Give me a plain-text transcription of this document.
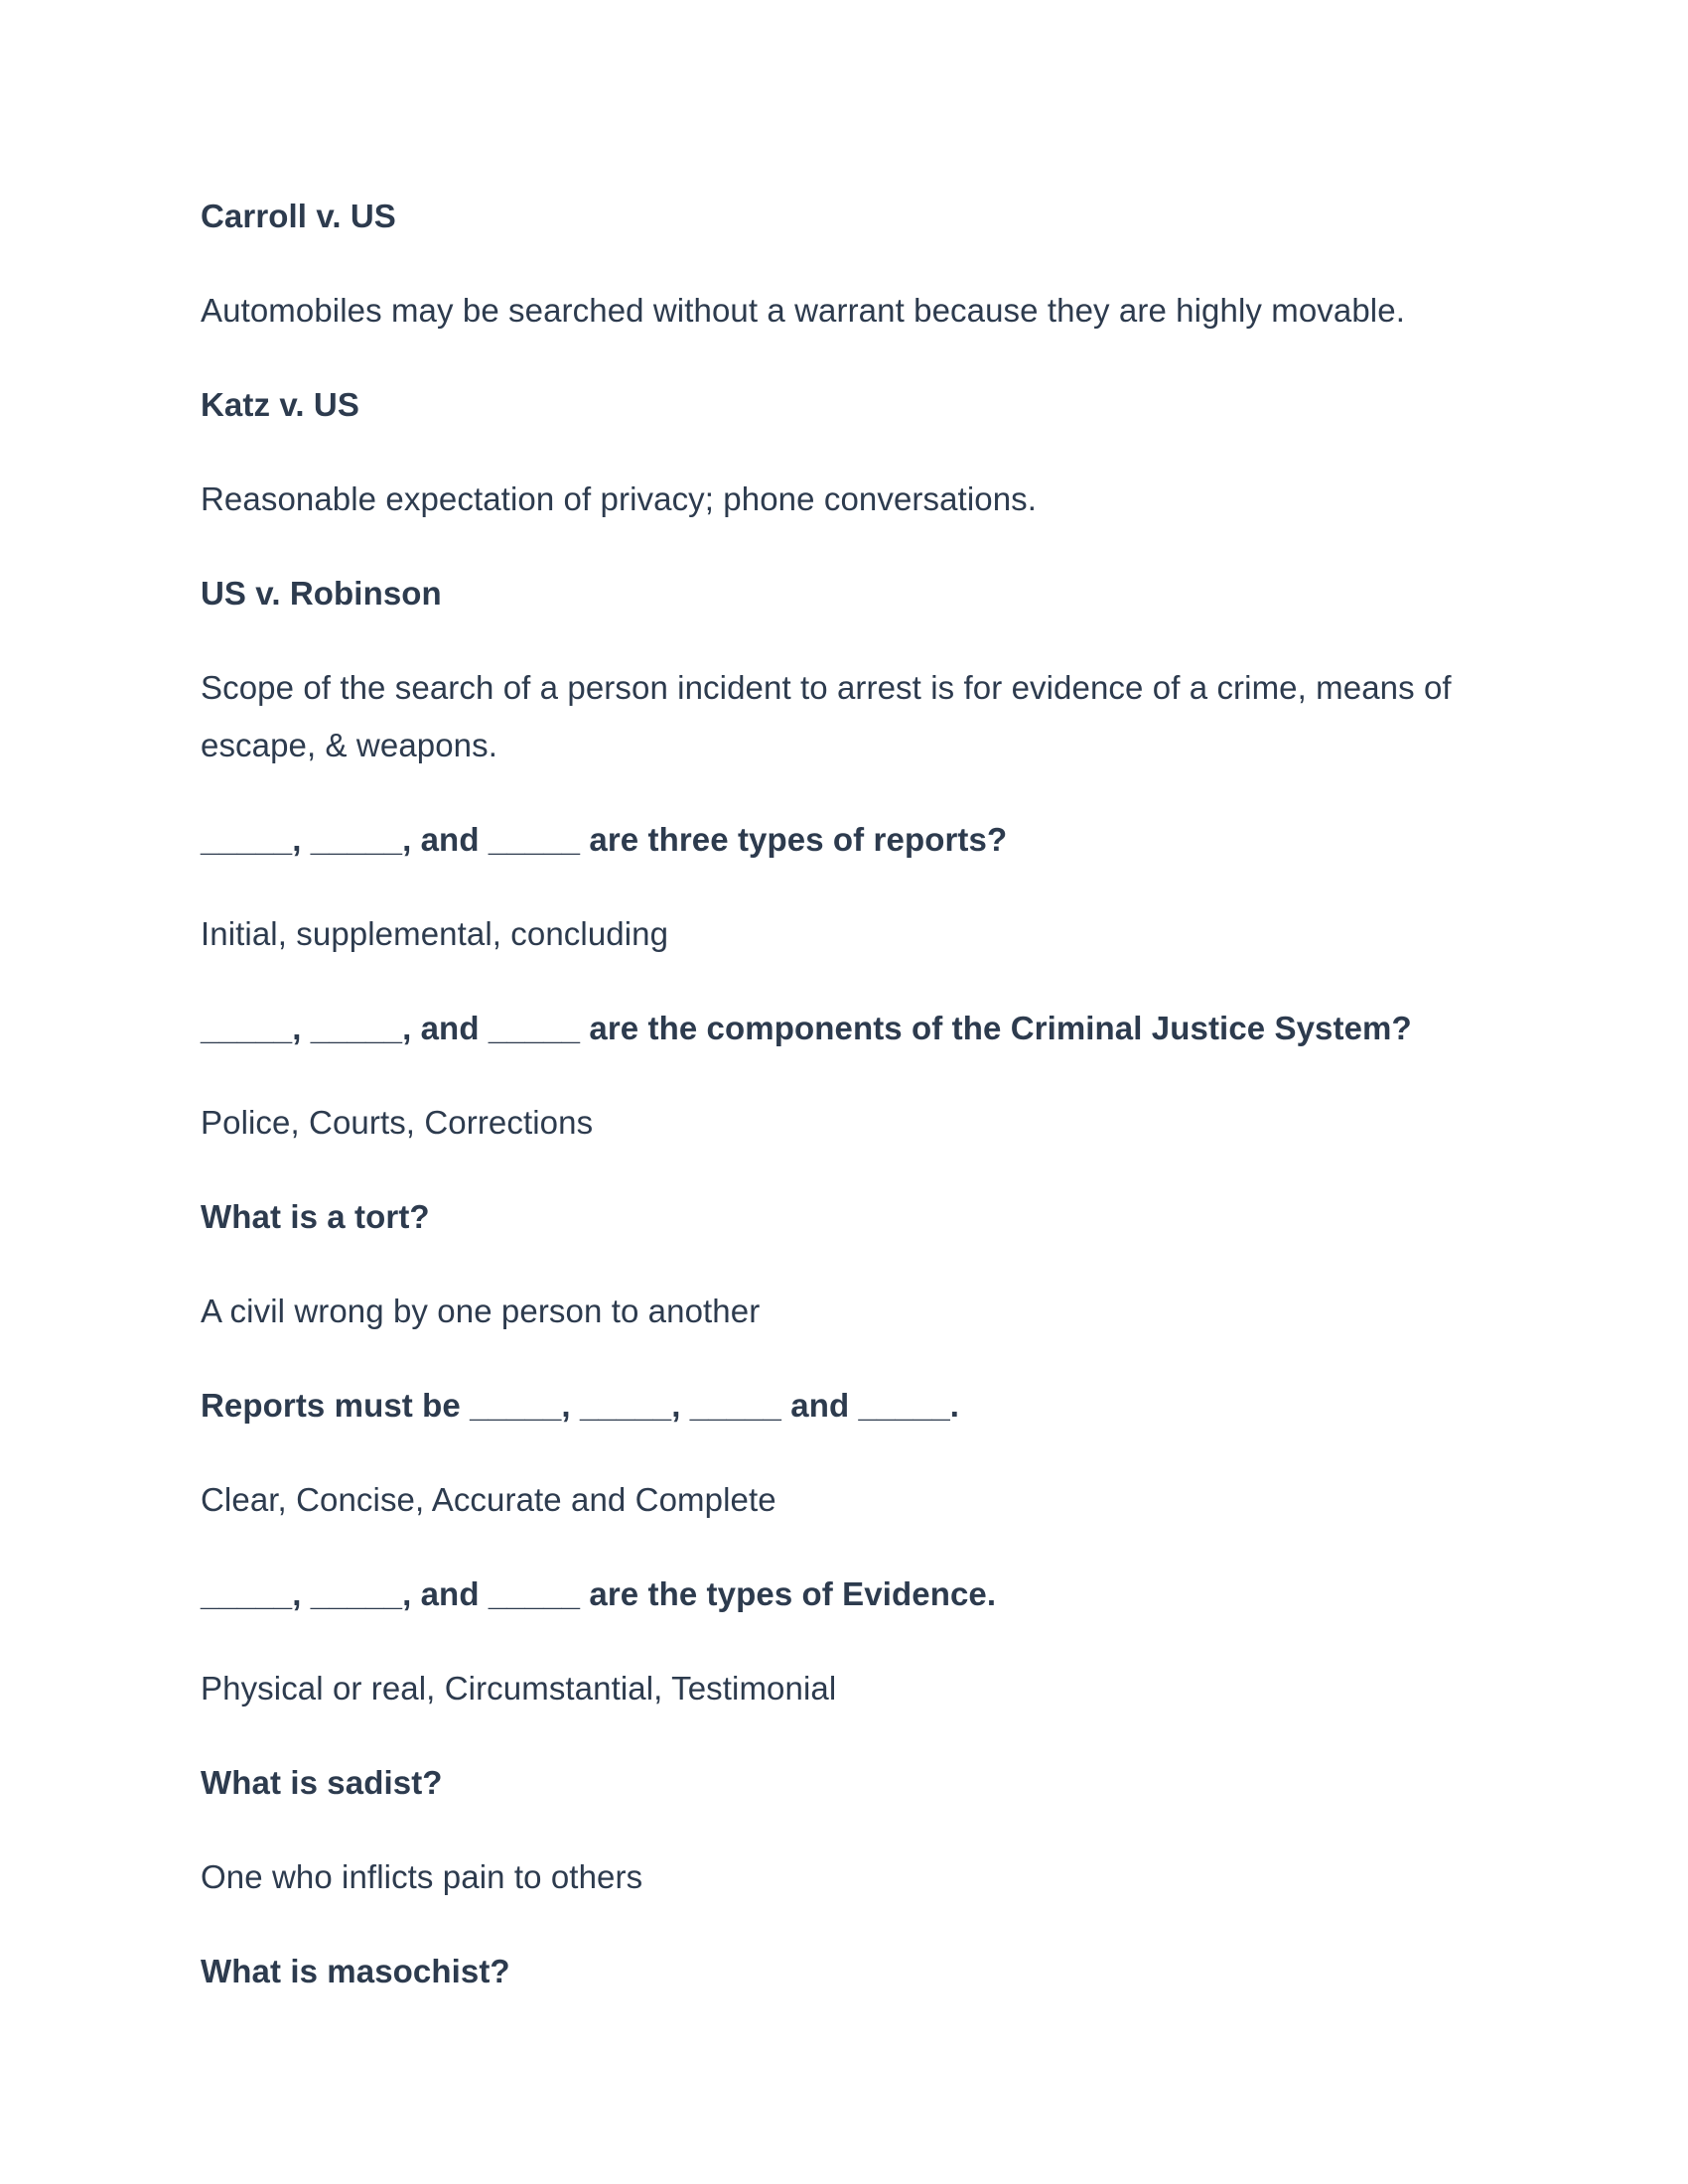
Carroll v. US

Automobiles may be searched without a warrant because they are highly movable.

Katz v. US

Reasonable expectation of privacy; phone conversations.

US v. Robinson

Scope of the search of a person incident to arrest is for evidence of a crime, means of escape, & weapons.

_____, _____, and _____ are three types of reports?

Initial, supplemental, concluding

_____, _____, and _____ are the components of the Criminal Justice System?

Police, Courts, Corrections

What is a tort?

A civil wrong by one person to another

Reports must be _____, _____, _____ and _____.

Clear, Concise, Accurate and Complete

_____, _____, and _____ are the types of Evidence.

Physical or real, Circumstantial, Testimonial

What is sadist?

One who inflicts pain to others

What is masochist?
